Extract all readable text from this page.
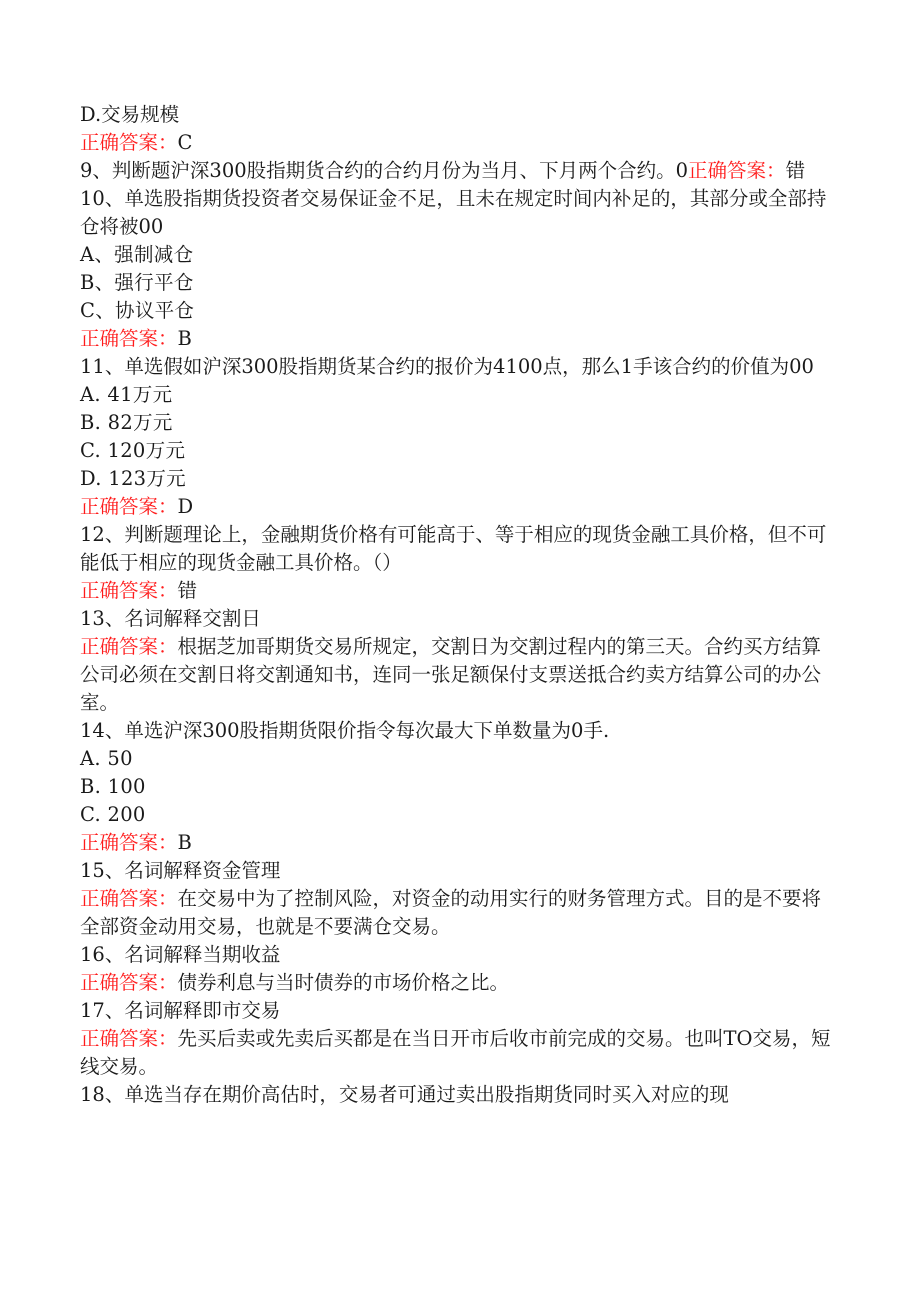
D.交易规模

正确答案：C

9、判断题沪深300股指期货合约的合约月份为当月、下月两个合约。0正确答案：错

10、单选股指期货投资者交易保证金不足，且未在规定时间内补足的，其部分或全部持仓将被00

A、强制减仓

B、强行平仓

C、协议平仓

正确答案：B

11、单选假如沪深300股指期货某合约的报价为4100点，那么1手该合约的价值为00

A. 41万元

B. 82万元

C. 120万元

D. 123万元

正确答案：D

12、判断题理论上，金融期货价格有可能高于、等于相应的现货金融工具价格，但不可能低于相应的现货金融工具价格。（）

正确答案：错

13、名词解释交割日

正确答案：根据芝加哥期货交易所规定，交割日为交割过程内的第三天。合约买方结算公司必须在交割日将交割通知书，连同一张足额保付支票送抵合约卖方结算公司的办公室。

14、单选沪深300股指期货限价指令每次最大下单数量为0手.

A. 50

B. 100

C. 200

正确答案：B

15、名词解释资金管理

正确答案：在交易中为了控制风险，对资金的动用实行的财务管理方式。目的是不要将全部资金动用交易，也就是不要满仓交易。

16、名词解释当期收益

正确答案：债券利息与当时债券的市场价格之比。

17、名词解释即市交易

正确答案：先买后卖或先卖后买都是在当日开市后收市前完成的交易。也叫TO交易，短线交易。

18、单选当存在期价高估时，交易者可通过卖出股指期货同时买入对应的现
